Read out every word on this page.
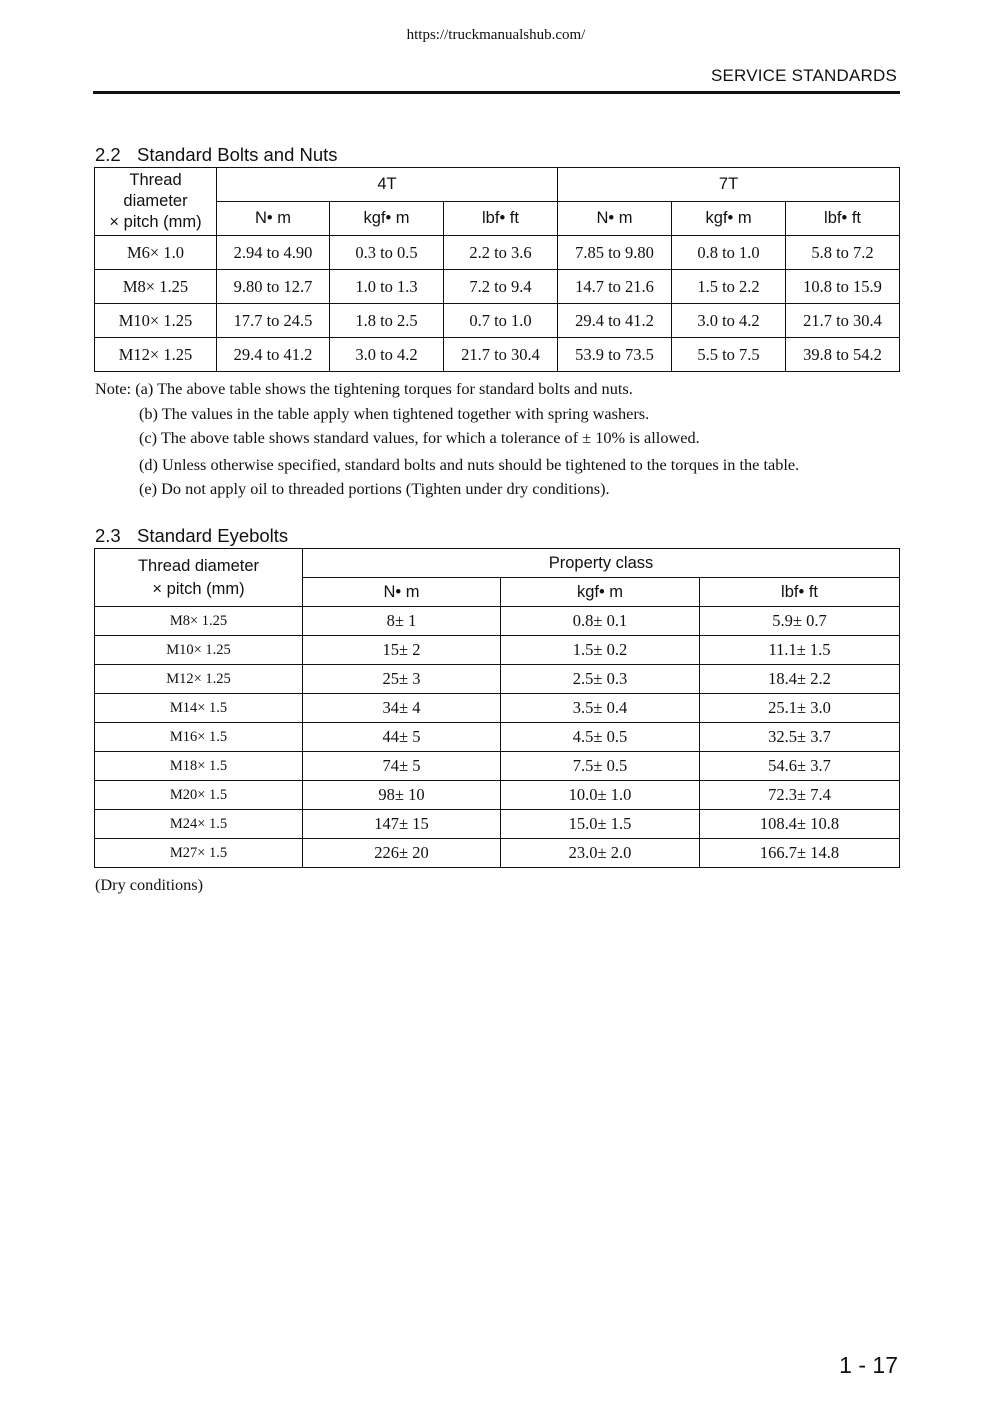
https://truckmanualshub.com/
SERVICE STANDARDS
2.2 Standard Bolts and Nuts
Thread
diameter
× pitch (mm)	4T			7T		
	N• m	kgf• m	lbf• ft	N• m	kgf• m	lbf• ft
M6× 1.0	2.94 to 4.90	0.3 to 0.5	2.2 to 3.6	7.85 to 9.80	0.8 to 1.0	5.8 to 7.2
M8× 1.25	9.80 to 12.7	1.0 to 1.3	7.2 to 9.4	14.7 to 21.6	1.5 to 2.2	10.8 to 15.9
M10× 1.25	17.7 to 24.5	1.8 to 2.5	0.7 to 1.0	29.4 to 41.2	3.0 to 4.2	21.7 to 30.4
M12× 1.25	29.4 to 41.2	3.0 to 4.2	21.7 to 30.4	53.9 to 73.5	5.5 to 7.5	39.8 to 54.2
Note: (a) The above table shows the tightening torques for standard bolts and nuts.
(b) The values in the table apply when tightened together with spring washers.
(c) The above table shows standard values, for which a tolerance of ± 10% is allowed.
(d) Unless otherwise specified, standard bolts and nuts should be tightened to the torques in the table.
(e) Do not apply oil to threaded portions (Tighten under dry conditions).
2.3 Standard Eyebolts
Thread diameter
× pitch (mm)	Property class		
	N• m	kgf• m	lbf• ft
M8× 1.25	8± 1	0.8± 0.1	5.9± 0.7
M10× 1.25	15± 2	1.5± 0.2	11.1± 1.5
M12× 1.25	25± 3	2.5± 0.3	18.4± 2.2
M14× 1.5	34± 4	3.5± 0.4	25.1± 3.0
M16× 1.5	44± 5	4.5± 0.5	32.5± 3.7
M18× 1.5	74± 5	7.5± 0.5	54.6± 3.7
M20× 1.5	98± 10	10.0± 1.0	72.3± 7.4
M24× 1.5	147± 15	15.0± 1.5	108.4± 10.8
M27× 1.5	226± 20	23.0± 2.0	166.7± 14.8
(Dry conditions)
1 - 17
